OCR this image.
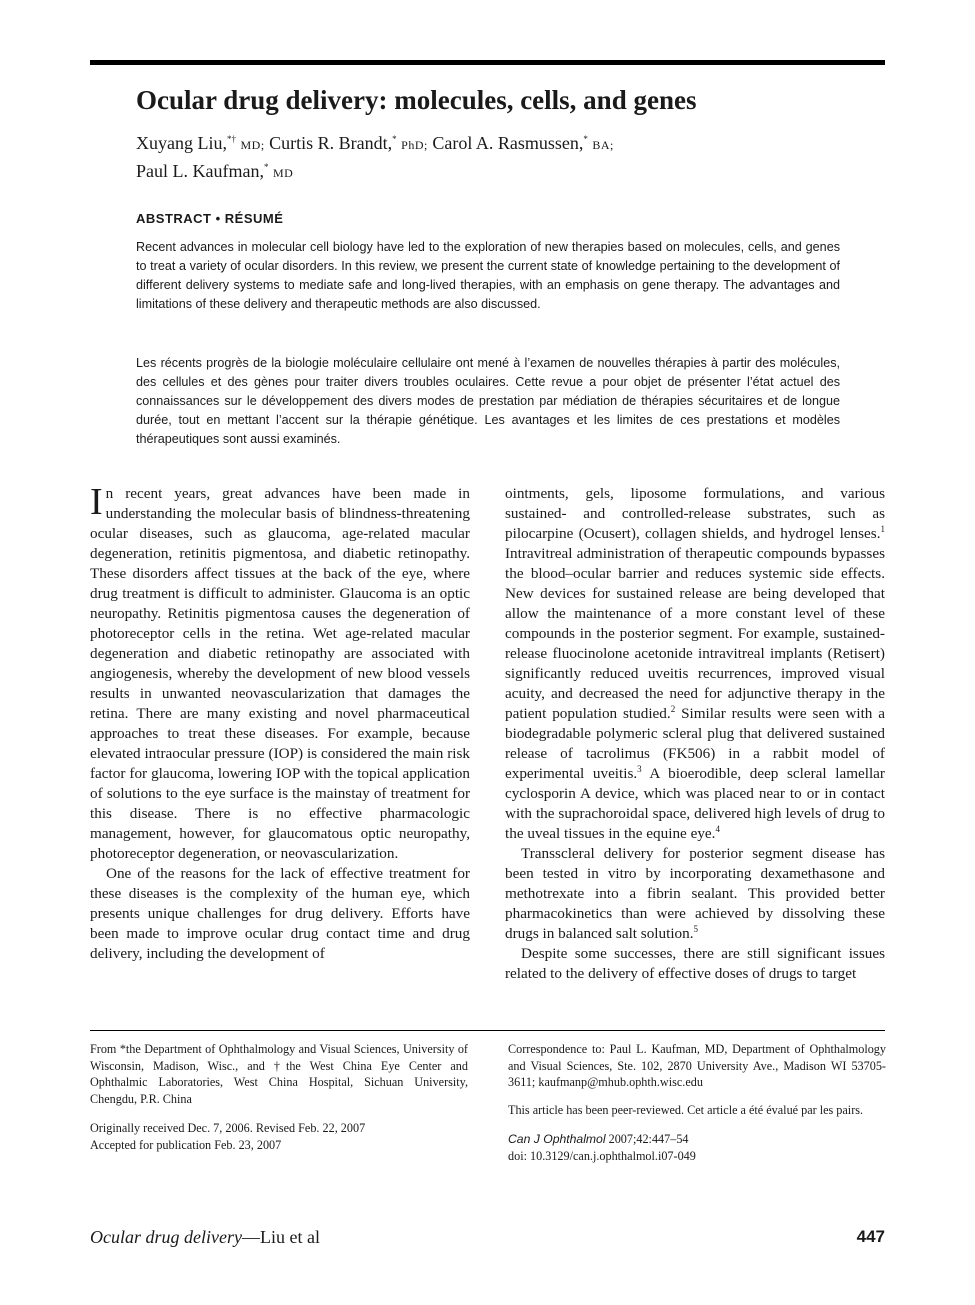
Ocular drug delivery: molecules, cells, and genes
Xuyang Liu,*† MD; Curtis R. Brandt,* PhD; Carol A. Rasmussen,* BA;
Paul L. Kaufman,* MD
ABSTRACT • RÉSUMÉ

Recent advances in molecular cell biology have led to the exploration of new therapies based on molecules, cells, and genes to treat a variety of ocular disorders. In this review, we present the current state of knowledge pertaining to the development of different delivery systems to mediate safe and long-lived therapies, with an emphasis on gene therapy. The advantages and limitations of these delivery and therapeutic methods are also discussed.

Les récents progrès de la biologie moléculaire cellulaire ont mené à l’examen de nouvelles thérapies à partir des molécules, des cellules et des gènes pour traiter divers troubles oculaires. Cette revue a pour objet de présenter l’état actuel des connaissances sur le développement des divers modes de prestation par médiation de thérapies sécuritaires et de longue durée, tout en mettant l’accent sur la thérapie génétique. Les avantages et les limites de ces prestations et modèles thérapeutiques sont aussi examinés.

In recent years, great advances have been made in understanding the molecular basis of blindness-threatening ocular diseases, such as glaucoma, age-related macular degeneration, retinitis pigmentosa, and diabetic retinopathy. These disorders affect tissues at the back of the eye, where drug treatment is difficult to administer. Glaucoma is an optic neuropathy. Retinitis pigmentosa causes the degeneration of photoreceptor cells in the retina. Wet age-related macular degeneration and diabetic retinopathy are associated with angiogenesis, whereby the development of new blood vessels results in unwanted neovascularization that damages the retina. There are many existing and novel pharmaceutical approaches to treat these diseases. For example, because elevated intraocular pressure (IOP) is considered the main risk factor for glaucoma, lowering IOP with the topical application of solutions to the eye surface is the mainstay of treatment for this disease. There is no effective pharmacologic management, however, for glaucomatous optic neuropathy, photoreceptor degeneration, or neovascularization.

One of the reasons for the lack of effective treatment for these diseases is the complexity of the human eye, which presents unique challenges for drug delivery. Efforts have been made to improve ocular drug contact time and drug delivery, including the development of

ointments, gels, liposome formulations, and various sustained- and controlled-release substrates, such as pilocarpine (Ocusert), collagen shields, and hydrogel lenses.$^1$ Intravitreal administration of therapeutic compounds bypasses the blood–ocular barrier and reduces systemic side effects. New devices for sustained release are being developed that allow the maintenance of a more constant level of these compounds in the posterior segment. For example, sustained-release fluocinolone acetonide intravitreal implants (Retisert) significantly reduced uveitis recurrences, improved visual acuity, and decreased the need for adjunctive therapy in the patient population studied.$^2$ Similar results were seen with a biodegradable polymeric scleral plug that delivered sustained release of tacrolimus (FK506) in a rabbit model of experimental uveitis.$^3$ A bioerodible, deep scleral lamellar cyclosporin A device, which was placed near to or in contact with the suprachoroidal space, delivered high levels of drug to the uveal tissues in the equine eye.$^4$

Transscleral delivery for posterior segment disease has been tested in vitro by incorporating dexamethasone and methotrexate into a fibrin sealant. This provided better pharmacokinetics than were achieved by dissolving these drugs in balanced salt solution.$^5$

Despite some successes, there are still significant issues related to the delivery of effective doses of drugs to target

From *the Department of Ophthalmology and Visual Sciences, University of Wisconsin, Madison, Wisc., and †the West China Eye Center and Ophthalmic Laboratories, West China Hospital, Sichuan University, Chengdu, P.R. China

Originally received Dec. 7, 2006. Revised Feb. 22, 2007
Accepted for publication Feb. 23, 2007

Correspondence to: Paul L. Kaufman, MD, Department of Ophthalmology and Visual Sciences, Ste. 102, 2870 University Ave., Madison WI 53705-3611; kaufmanp@mhub.ophth.wisc.edu

This article has been peer-reviewed. Cet article a été évalué par les pairs.

Can J Ophthalmol 2007;42:447–54
doi: 10.3129/can.j.ophthalmol.i07-049

Ocular drug delivery—Liu et al	447
